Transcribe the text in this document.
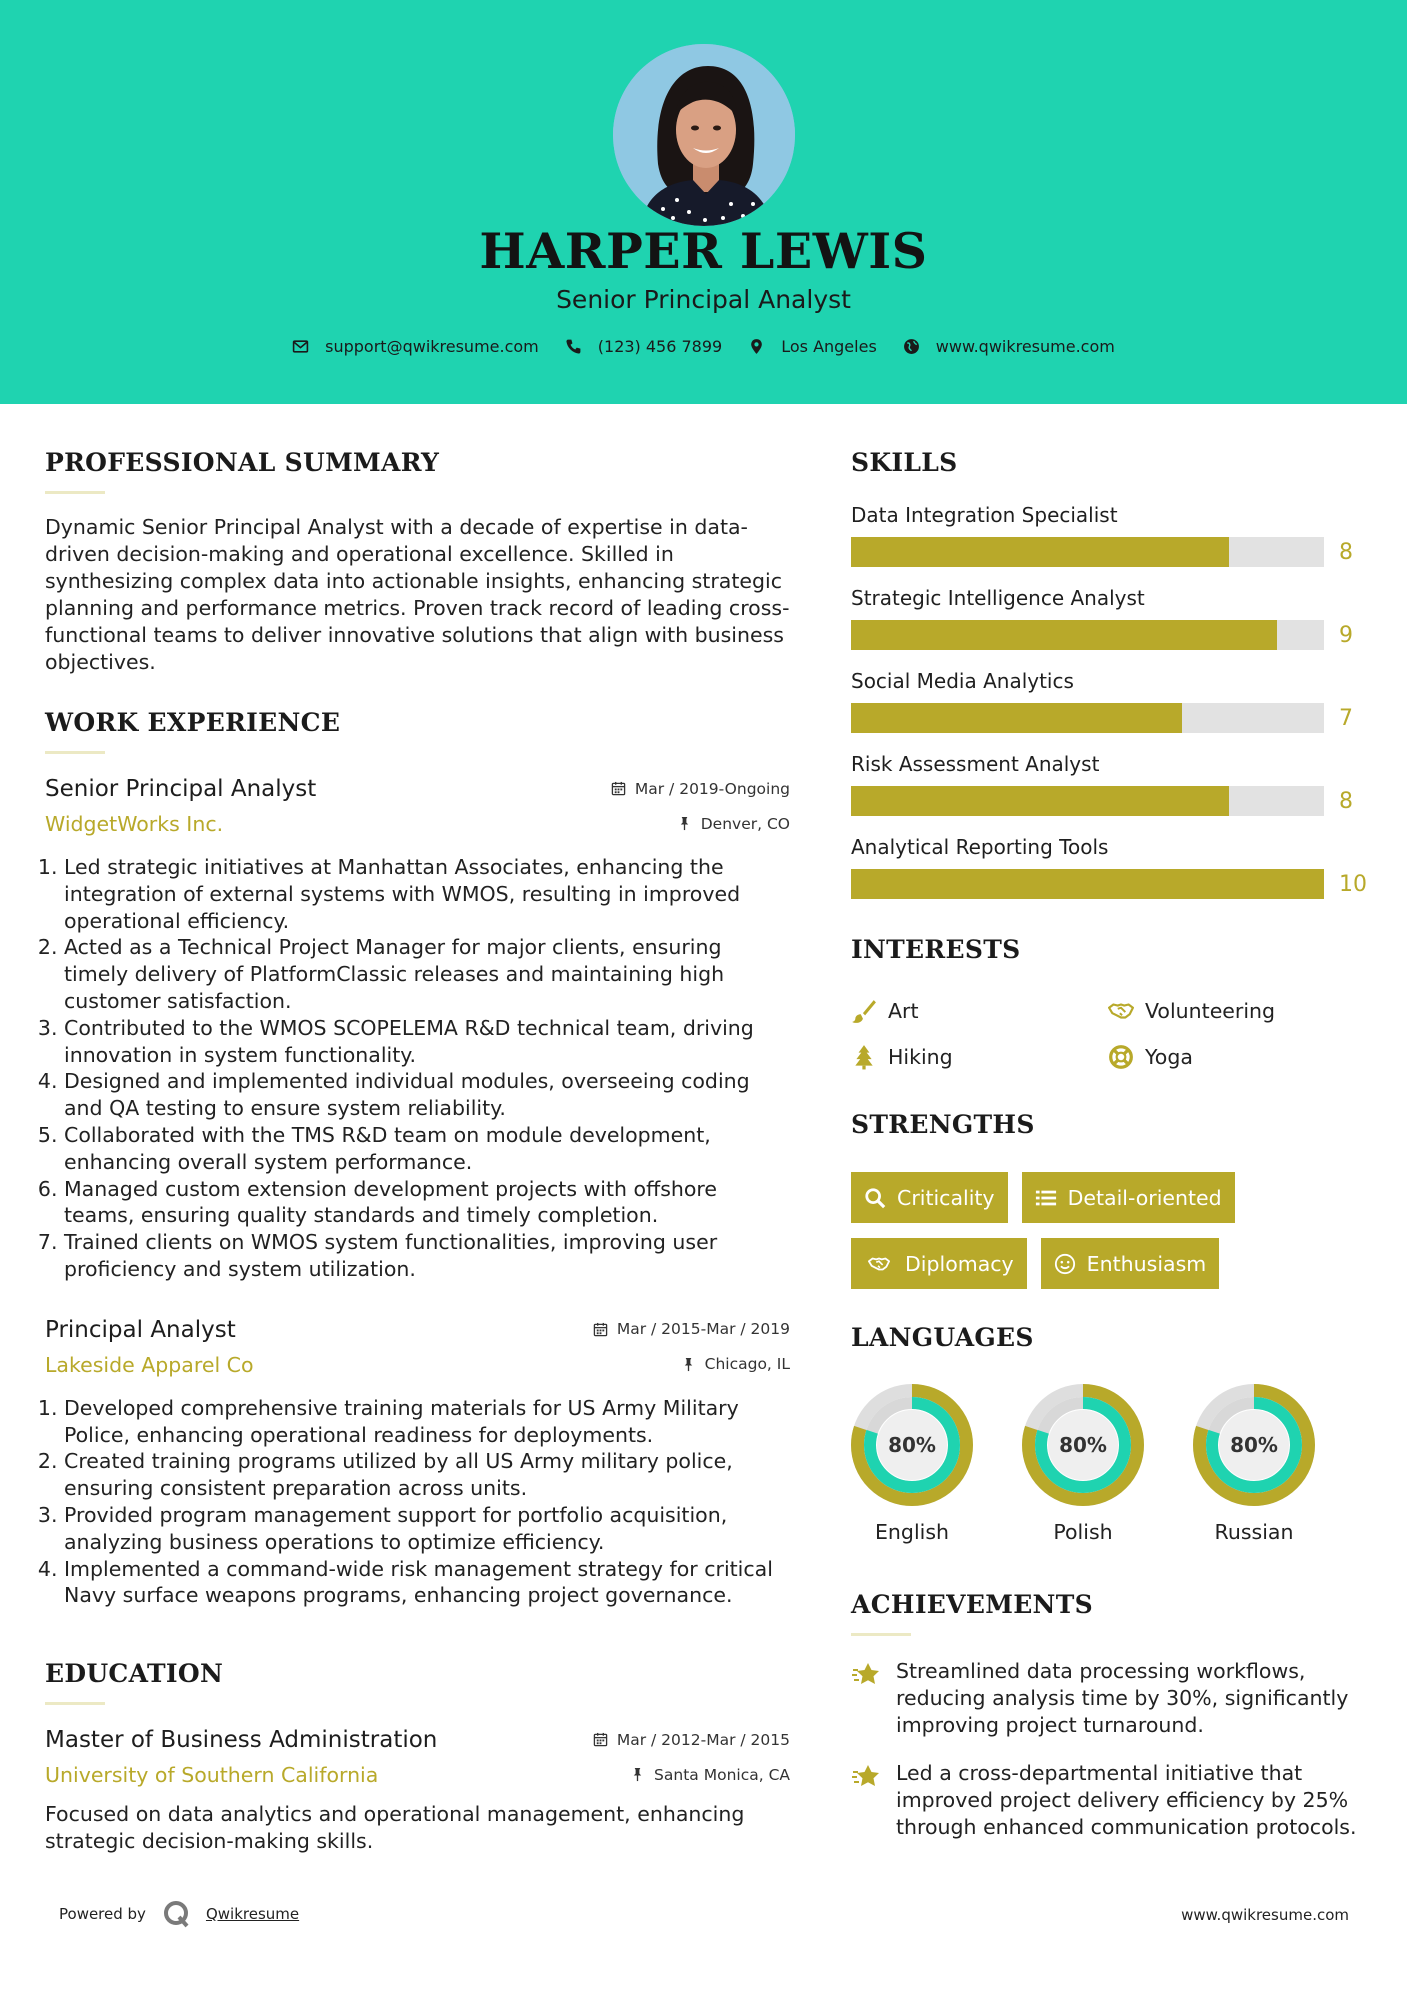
HARPER LEWIS
Senior Principal Analyst
support@qwikresume.com	(123) 456 7899	Los Angeles	www.qwikresume.com
PROFESSIONAL SUMMARY
Dynamic Senior Principal Analyst with a decade of expertise in data-driven decision-making and operational excellence. Skilled in synthesizing complex data into actionable insights, enhancing strategic planning and performance metrics. Proven track record of leading cross-functional teams to deliver innovative solutions that align with business objectives.
WORK EXPERIENCE
Senior Principal Analyst	Mar / 2019-Ongoing
WidgetWorks Inc.	Denver, CO
1. Led strategic initiatives at Manhattan Associates, enhancing the integration of external systems with WMOS, resulting in improved operational efficiency.
2. Acted as a Technical Project Manager for major clients, ensuring timely delivery of PlatformClassic releases and maintaining high customer satisfaction.
3. Contributed to the WMOS SCOPELEMA R&D technical team, driving innovation in system functionality.
4. Designed and implemented individual modules, overseeing coding and QA testing to ensure system reliability.
5. Collaborated with the TMS R&D team on module development, enhancing overall system performance.
6. Managed custom extension development projects with offshore teams, ensuring quality standards and timely completion.
7. Trained clients on WMOS system functionalities, improving user proficiency and system utilization.
Principal Analyst	Mar / 2015-Mar / 2019
Lakeside Apparel Co	Chicago, IL
1. Developed comprehensive training materials for US Army Military Police, enhancing operational readiness for deployments.
2. Created training programs utilized by all US Army military police, ensuring consistent preparation across units.
3. Provided program management support for portfolio acquisition, analyzing business operations to optimize efficiency.
4. Implemented a command-wide risk management strategy for critical Navy surface weapons programs, enhancing project governance.
EDUCATION
Master of Business Administration	Mar / 2012-Mar / 2015
University of Southern California	Santa Monica, CA
Focused on data analytics and operational management, enhancing strategic decision-making skills.
SKILLS
Data Integration Specialist
8
Strategic Intelligence Analyst
9
Social Media Analytics
7
Risk Assessment Analyst
8
Analytical Reporting Tools
10
INTERESTS
Art	Volunteering
Hiking	Yoga
STRENGTHS
Criticality	Detail-oriented
Diplomacy	Enthusiasm
LANGUAGES
80%
English
80%
Polish
80%
Russian
ACHIEVEMENTS
Streamlined data processing workflows, reducing analysis time by 30%, significantly improving project turnaround.
Led a cross-departmental initiative that improved project delivery efficiency by 25% through enhanced communication protocols.
Powered by	Qwikresume	www.qwikresume.com
